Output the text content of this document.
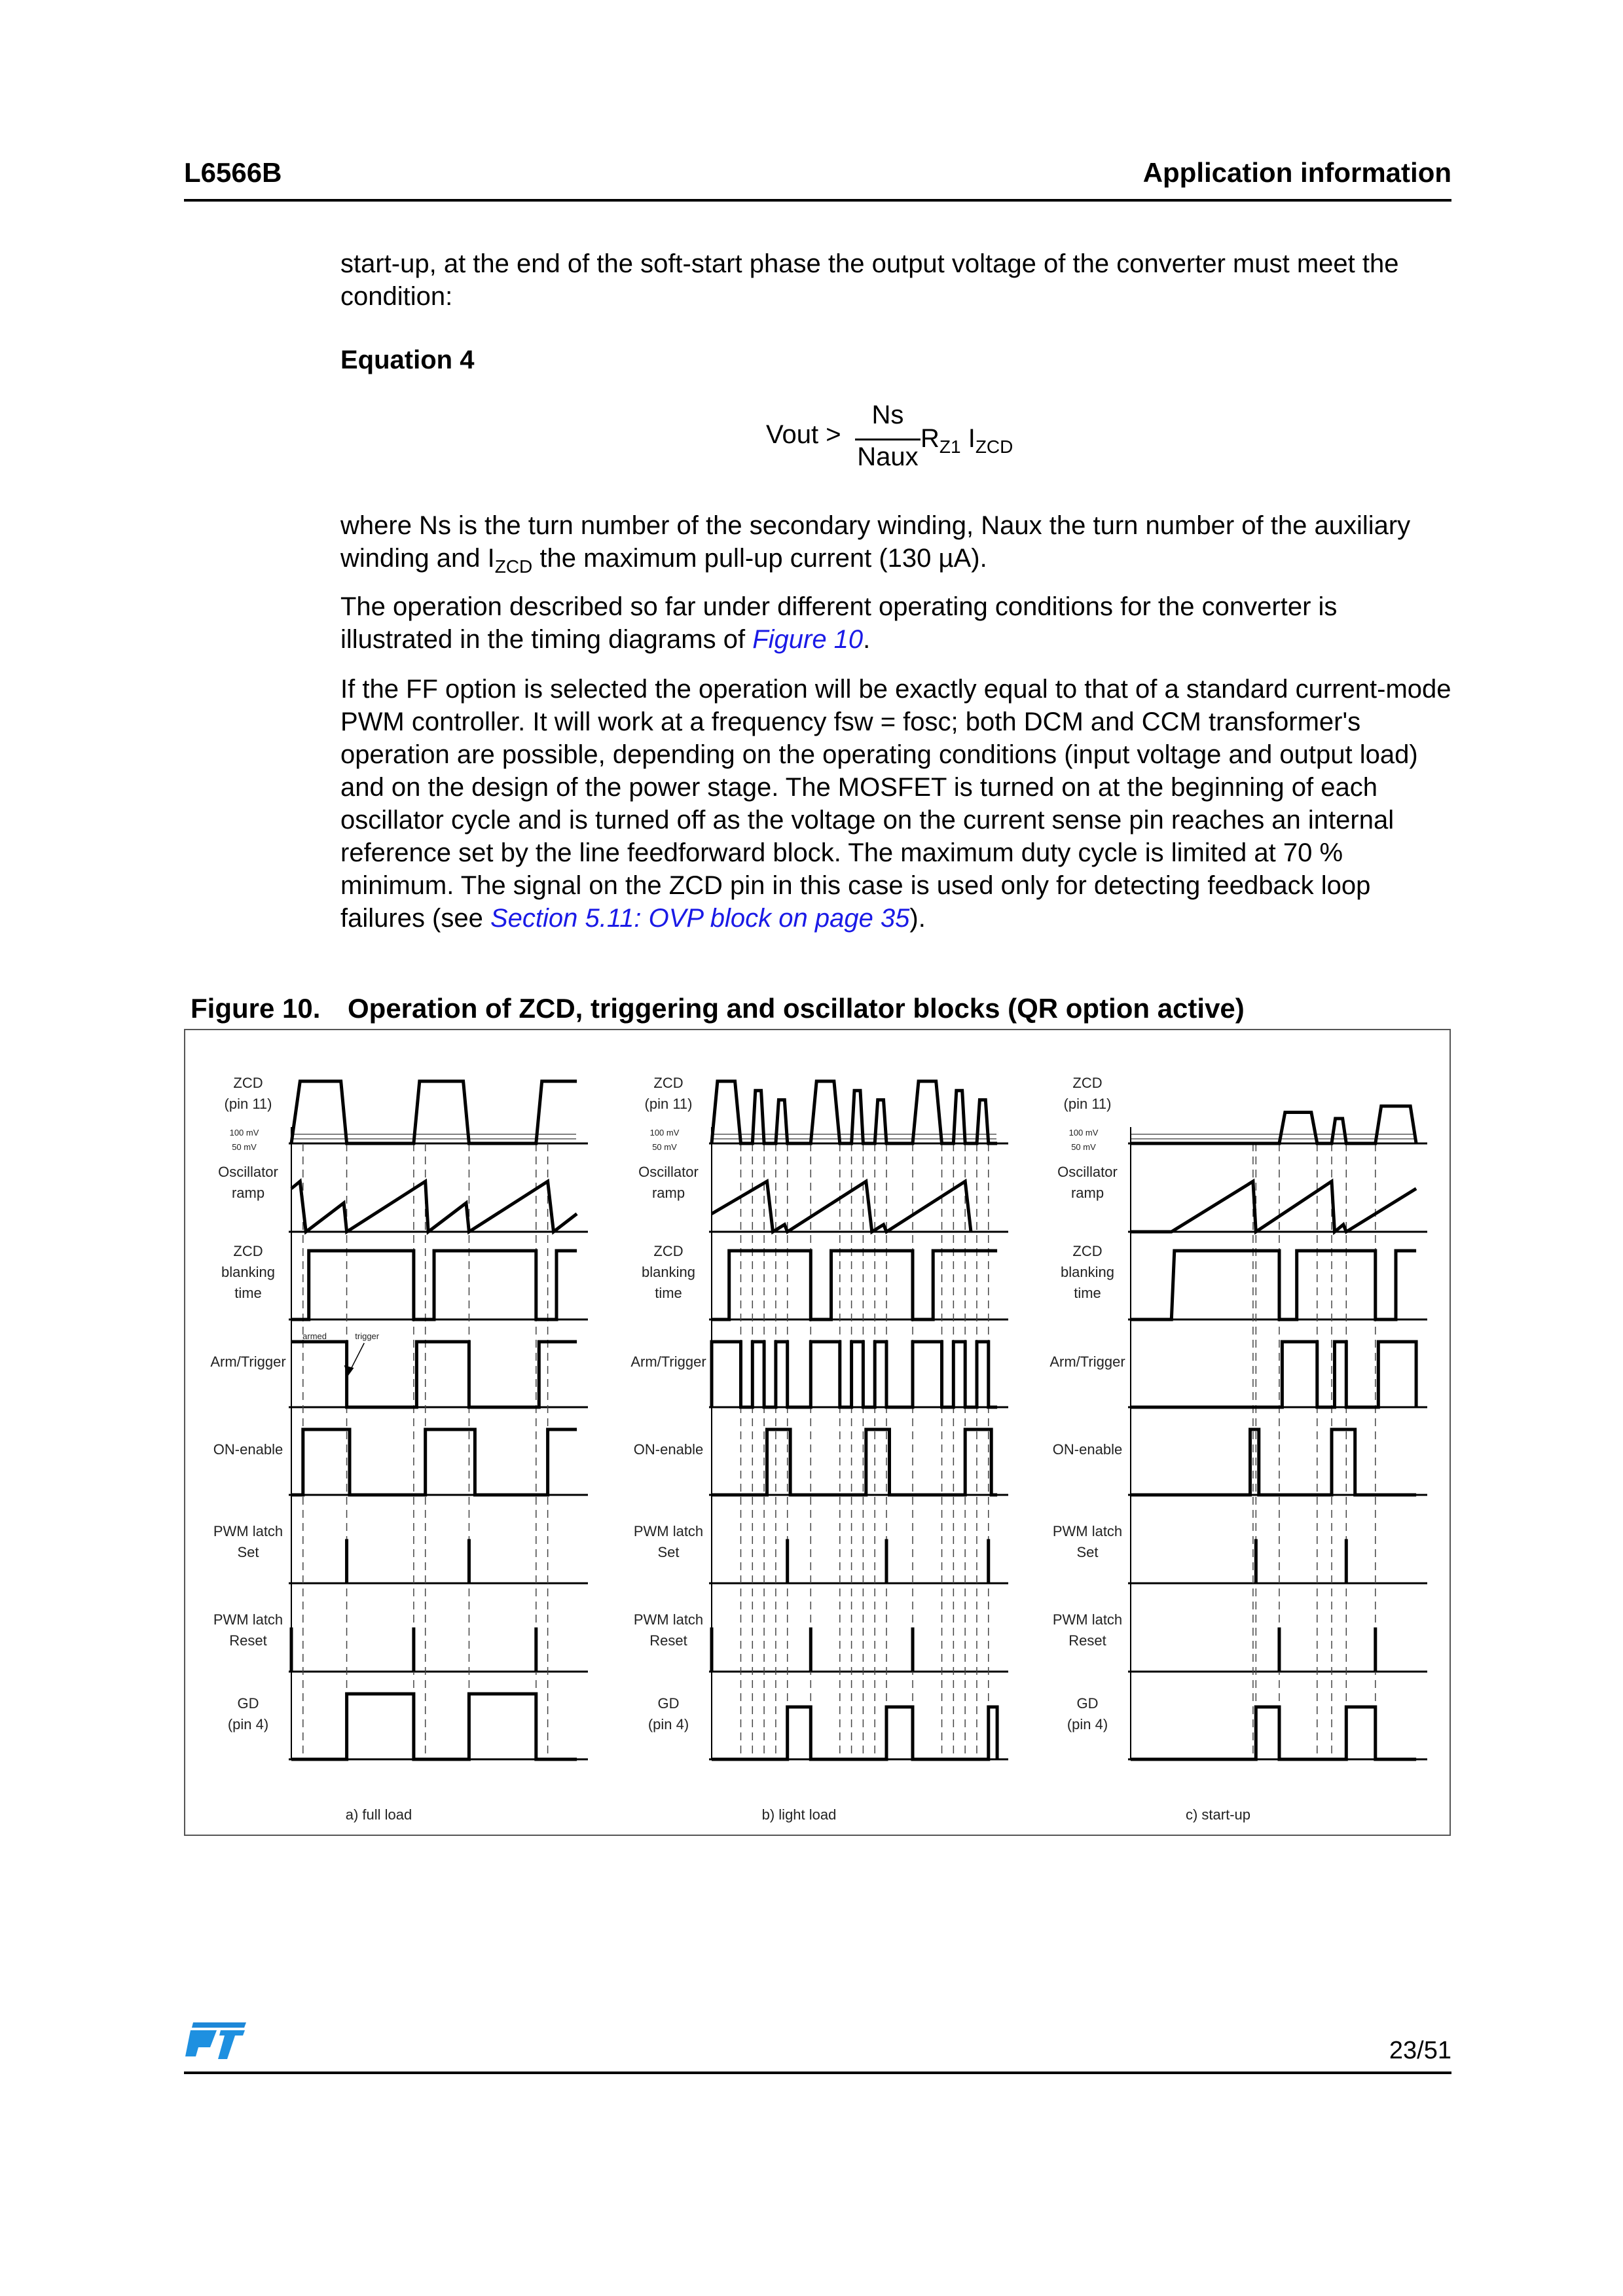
L6566B	Application information
start-up, at the end of the soft-start phase the output voltage of the converter must meet the condition:
Equation 4
Vout >
Ns
Naux
$R_{Z1}$ $I_{ZCD}$
where Ns is the turn number of the secondary winding, Naux the turn number of the auxiliary winding and $I_{ZCD}$ the maximum pull-up current (130 µA).
The operation described so far under different operating conditions for the converter is illustrated in the timing diagrams of Figure 10.
If the FF option is selected the operation will be exactly equal to that of a standard current-mode PWM controller. It will work at a frequency fsw = fosc; both DCM and CCM transformer's operation are possible, depending on the operating conditions (input voltage and output load) and on the design of the power stage. The MOSFET is turned on at the beginning of each oscillator cycle and is turned off as the voltage on the current sense pin reaches an internal reference set by the line feedforward block. The maximum duty cycle is limited at 70 % minimum. The signal on the ZCD pin in this case is used only for detecting feedback loop failures (see Section 5.11: OVP block on page 35).
Figure 10. Operation of ZCD, triggering and oscillator blocks (QR option active)
ZCD
(pin 11)
Oscillator
ramp
ZCD
blanking
time
Arm/Trigger
ON-enable
PWM latch
Set
PWM latch
Reset
GD
(pin 4)
100 mV
50 mV
a) full load
ZCD
(pin 11)
Oscillator
ramp
ZCD
blanking
time
Arm/Trigger
ON-enable
PWM latch
Set
PWM latch
Reset
GD
(pin 4)
100 mV
50 mV
b) light load
ZCD
(pin 11)
Oscillator
ramp
ZCD
blanking
time
Arm/Trigger
ON-enable
PWM latch
Set
PWM latch
Reset
GD
(pin 4)
100 mV
50 mV
c) start-up
armed	trigger
23/51
